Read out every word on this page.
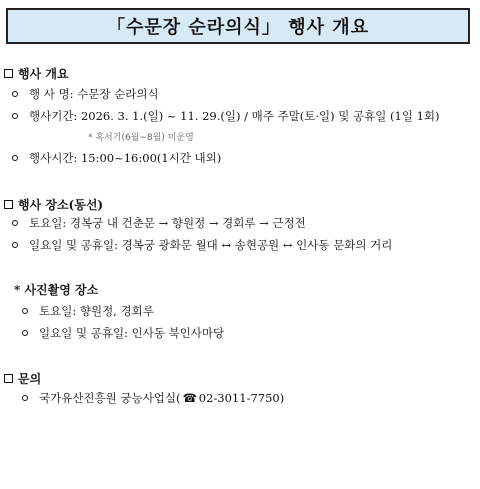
「수문장 순라의식」 행사 개요
행사 개요
행 사 명: 수문장 순라의식
행사기간: 2026. 3. 1.(일) ~ 11. 29.(일) / 매주 주말(토·일) 및 공휴일 (1일 1회)
* 혹서기(6월~8월) 미운영
행사시간: 15:00~16:00(1시간 내외)
행사 장소(동선)
토요일: 경복궁 내 건춘문 → 향원정 → 경회루 → 근정전
일요일 및 공휴일: 경복궁 광화문 월대 ↔ 송현공원 ↔ 인사동 문화의 거리
* 사진촬영 장소
토요일: 향원정, 경회루
일요일 및 공휴일: 인사동 북인사마당
문의
국가유산진흥원 궁능사업실( ☎ 02-3011-7750)
